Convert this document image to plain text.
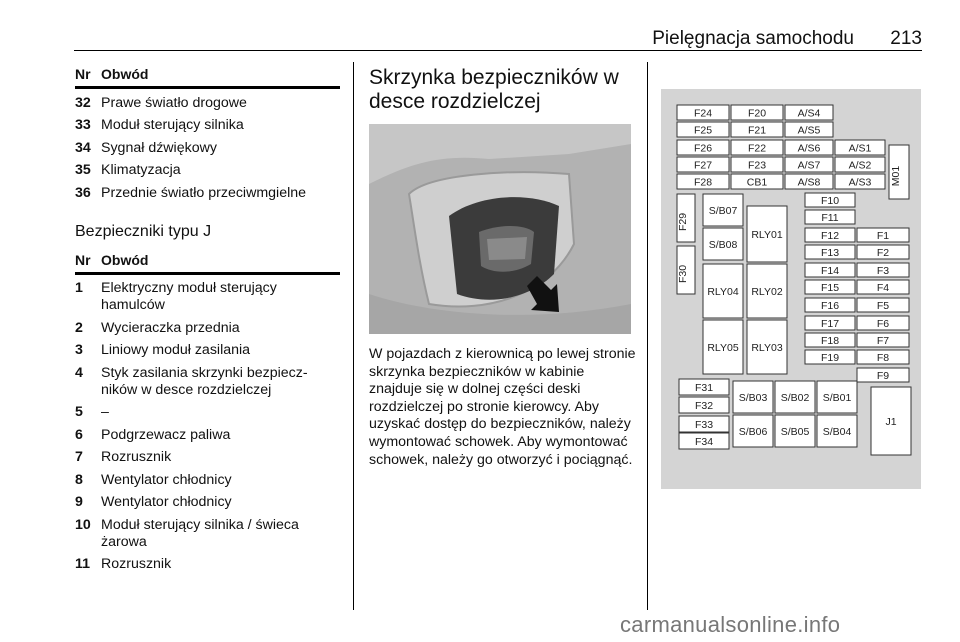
Pielęgnacja samochodu 213
Nr Obwód
32 Prawe światło drogowe
33 Moduł sterujący silnika
34 Sygnał dźwiękowy
35 Klimatyzacja
36 Przednie światło przeciwmgielne
Bezpieczniki typu J
Nr Obwód
1	Elektryczny moduł sterujący hamulców
2	Wycieraczka przednia
3	Liniowy moduł zasilania
4	Styk zasilania skrzynki bezpiecz-ników w desce rozdzielczej
5	–
6	Podgrzewacz paliwa
7	Rozrusznik
8	Wentylator chłodnicy
9	Wentylator chłodnicy
10 Moduł sterujący silnika / świeca żarowa
11 Rozrusznik
Skrzynka bezpieczników w
desce rozdzielczej
W pojazdach z kierownicą po lewej stronie skrzynka bezpieczników w kabinie znajduje się w dolnej części deski rozdzielczej po stronie kierowcy. Aby uzyskać dostęp do bezpieczników, należy wymontować schowek. Aby wymontować schowek, należy go otworzyć i pociągnąć.
F24	F20	A/S4
F25	F21	A/S5
F26	F22	A/S6	A/S1
F27	F23	A/S7	A/S2
F28	CB1	A/S8	A/S3 M01
F29
F30
S/B07
S/B08
RLY01
RLY04 RLY02
RLY05 RLY03
F10
F11
F12	F1
F13	F2
F14	F3
F15	F4
F16	F5
F17	F6
F18	F7
F19	F8
F9
F31
F32
F33
F34
S/B03 S/B02 S/B01
S/B06 S/B05 S/B04
J1
carmanualsonline.info
